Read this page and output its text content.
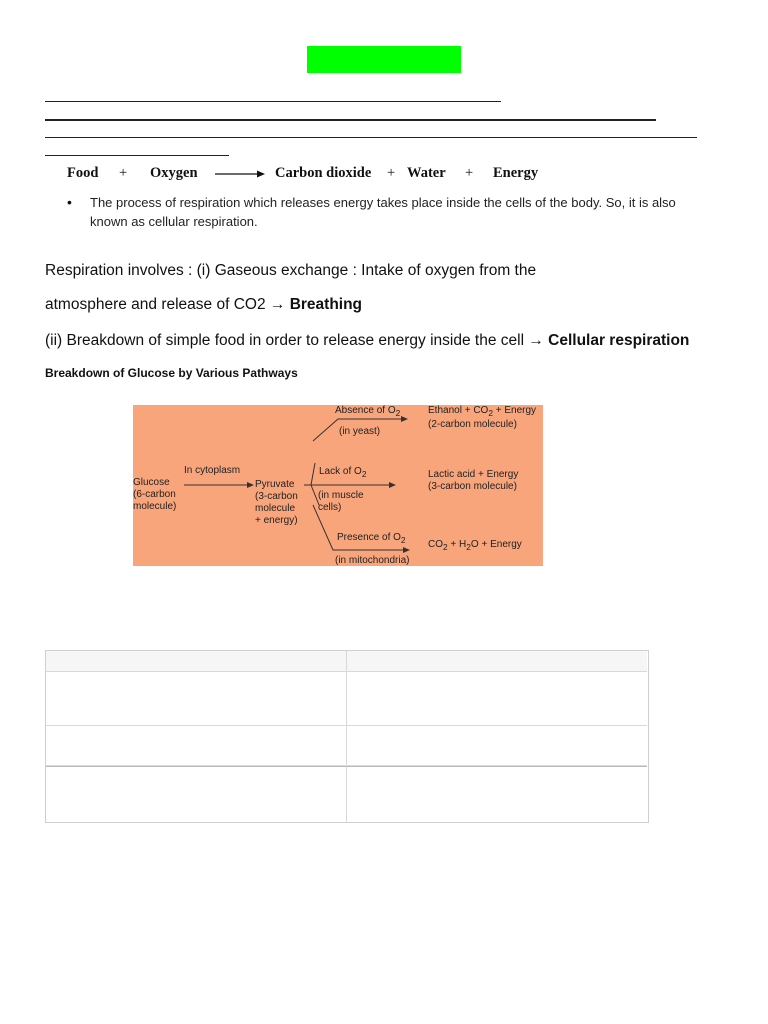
Food + Oxygen	Carbon dioxide + Water + Energy
• The process of respiration which releases energy takes place inside the cells of the body. So, it is also
known as cellular respiration.
Respiration involves : (i) Gaseous exchange : Intake of oxygen from the
atmosphere and release of CO2 → Breathing
(ii) Breakdown of simple food in order to release energy inside the cell → Cellular respiration
Breakdown of Glucose by Various Pathways
Glucose
(6-carbon
molecule)
In cytoplasm
Pyruvate
(3-carbon
molecule
+ energy)
Absence of $O_2$
(in yeast)
Lack of $O_2$
(in muscle
cells)
Presence of $O_2$
(in mitochondria)
Ethanol + $CO_2$ + Energy
(2-carbon molecule)
Lactic acid + Energy
(3-carbon molecule)
$CO_2 + H_2O$ + Energy
